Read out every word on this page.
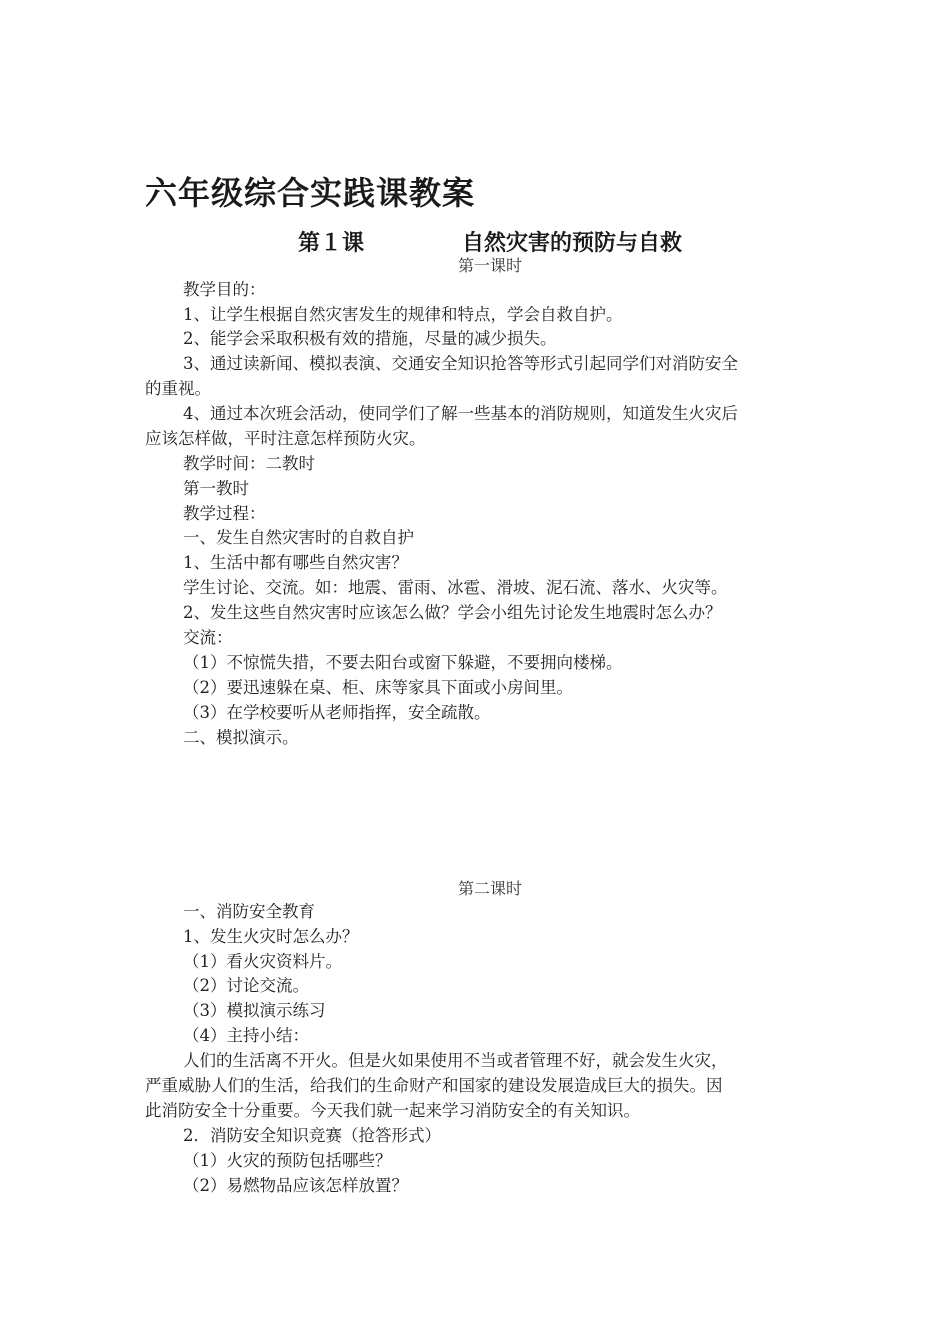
六年级综合实践课教案
第１课	自然灾害的预防与自救
第一课时
教学目的：
1、让学生根据自然灾害发生的规律和特点，学会自救自护。
2、能学会采取积极有效的措施，尽量的减少损失。
3、通过读新闻、模拟表演、交通安全知识抢答等形式引起同学们对消防安全
的重视。
4、通过本次班会活动，使同学们了解一些基本的消防规则，知道发生火灾后
应该怎样做，平时注意怎样预防火灾。
教学时间：二教时
第一教时
教学过程：
一、发生自然灾害时的自救自护
1、生活中都有哪些自然灾害？
学生讨论、交流。如：地震、雷雨、冰雹、滑坡、泥石流、落水、火灾等。
2、发生这些自然灾害时应该怎么做？学会小组先讨论发生地震时怎么办？
交流：
（1）不惊慌失措，不要去阳台或窗下躲避，不要拥向楼梯。
（2）要迅速躲在桌、柜、床等家具下面或小房间里。
（3）在学校要听从老师指挥，安全疏散。
二、模拟演示。
第二课时
一、消防安全教育
1、发生火灾时怎么办？
（1）看火灾资料片。
（2）讨论交流。
（3）模拟演示练习
（4）主持小结：
人们的生活离不开火。但是火如果使用不当或者管理不好，就会发生火灾，
严重威胁人们的生活，给我们的生命财产和国家的建设发展造成巨大的损失。因
此消防安全十分重要。今天我们就一起来学习消防安全的有关知识。
2．消防安全知识竞赛（抢答形式）
（1）火灾的预防包括哪些？
（2）易燃物品应该怎样放置？
